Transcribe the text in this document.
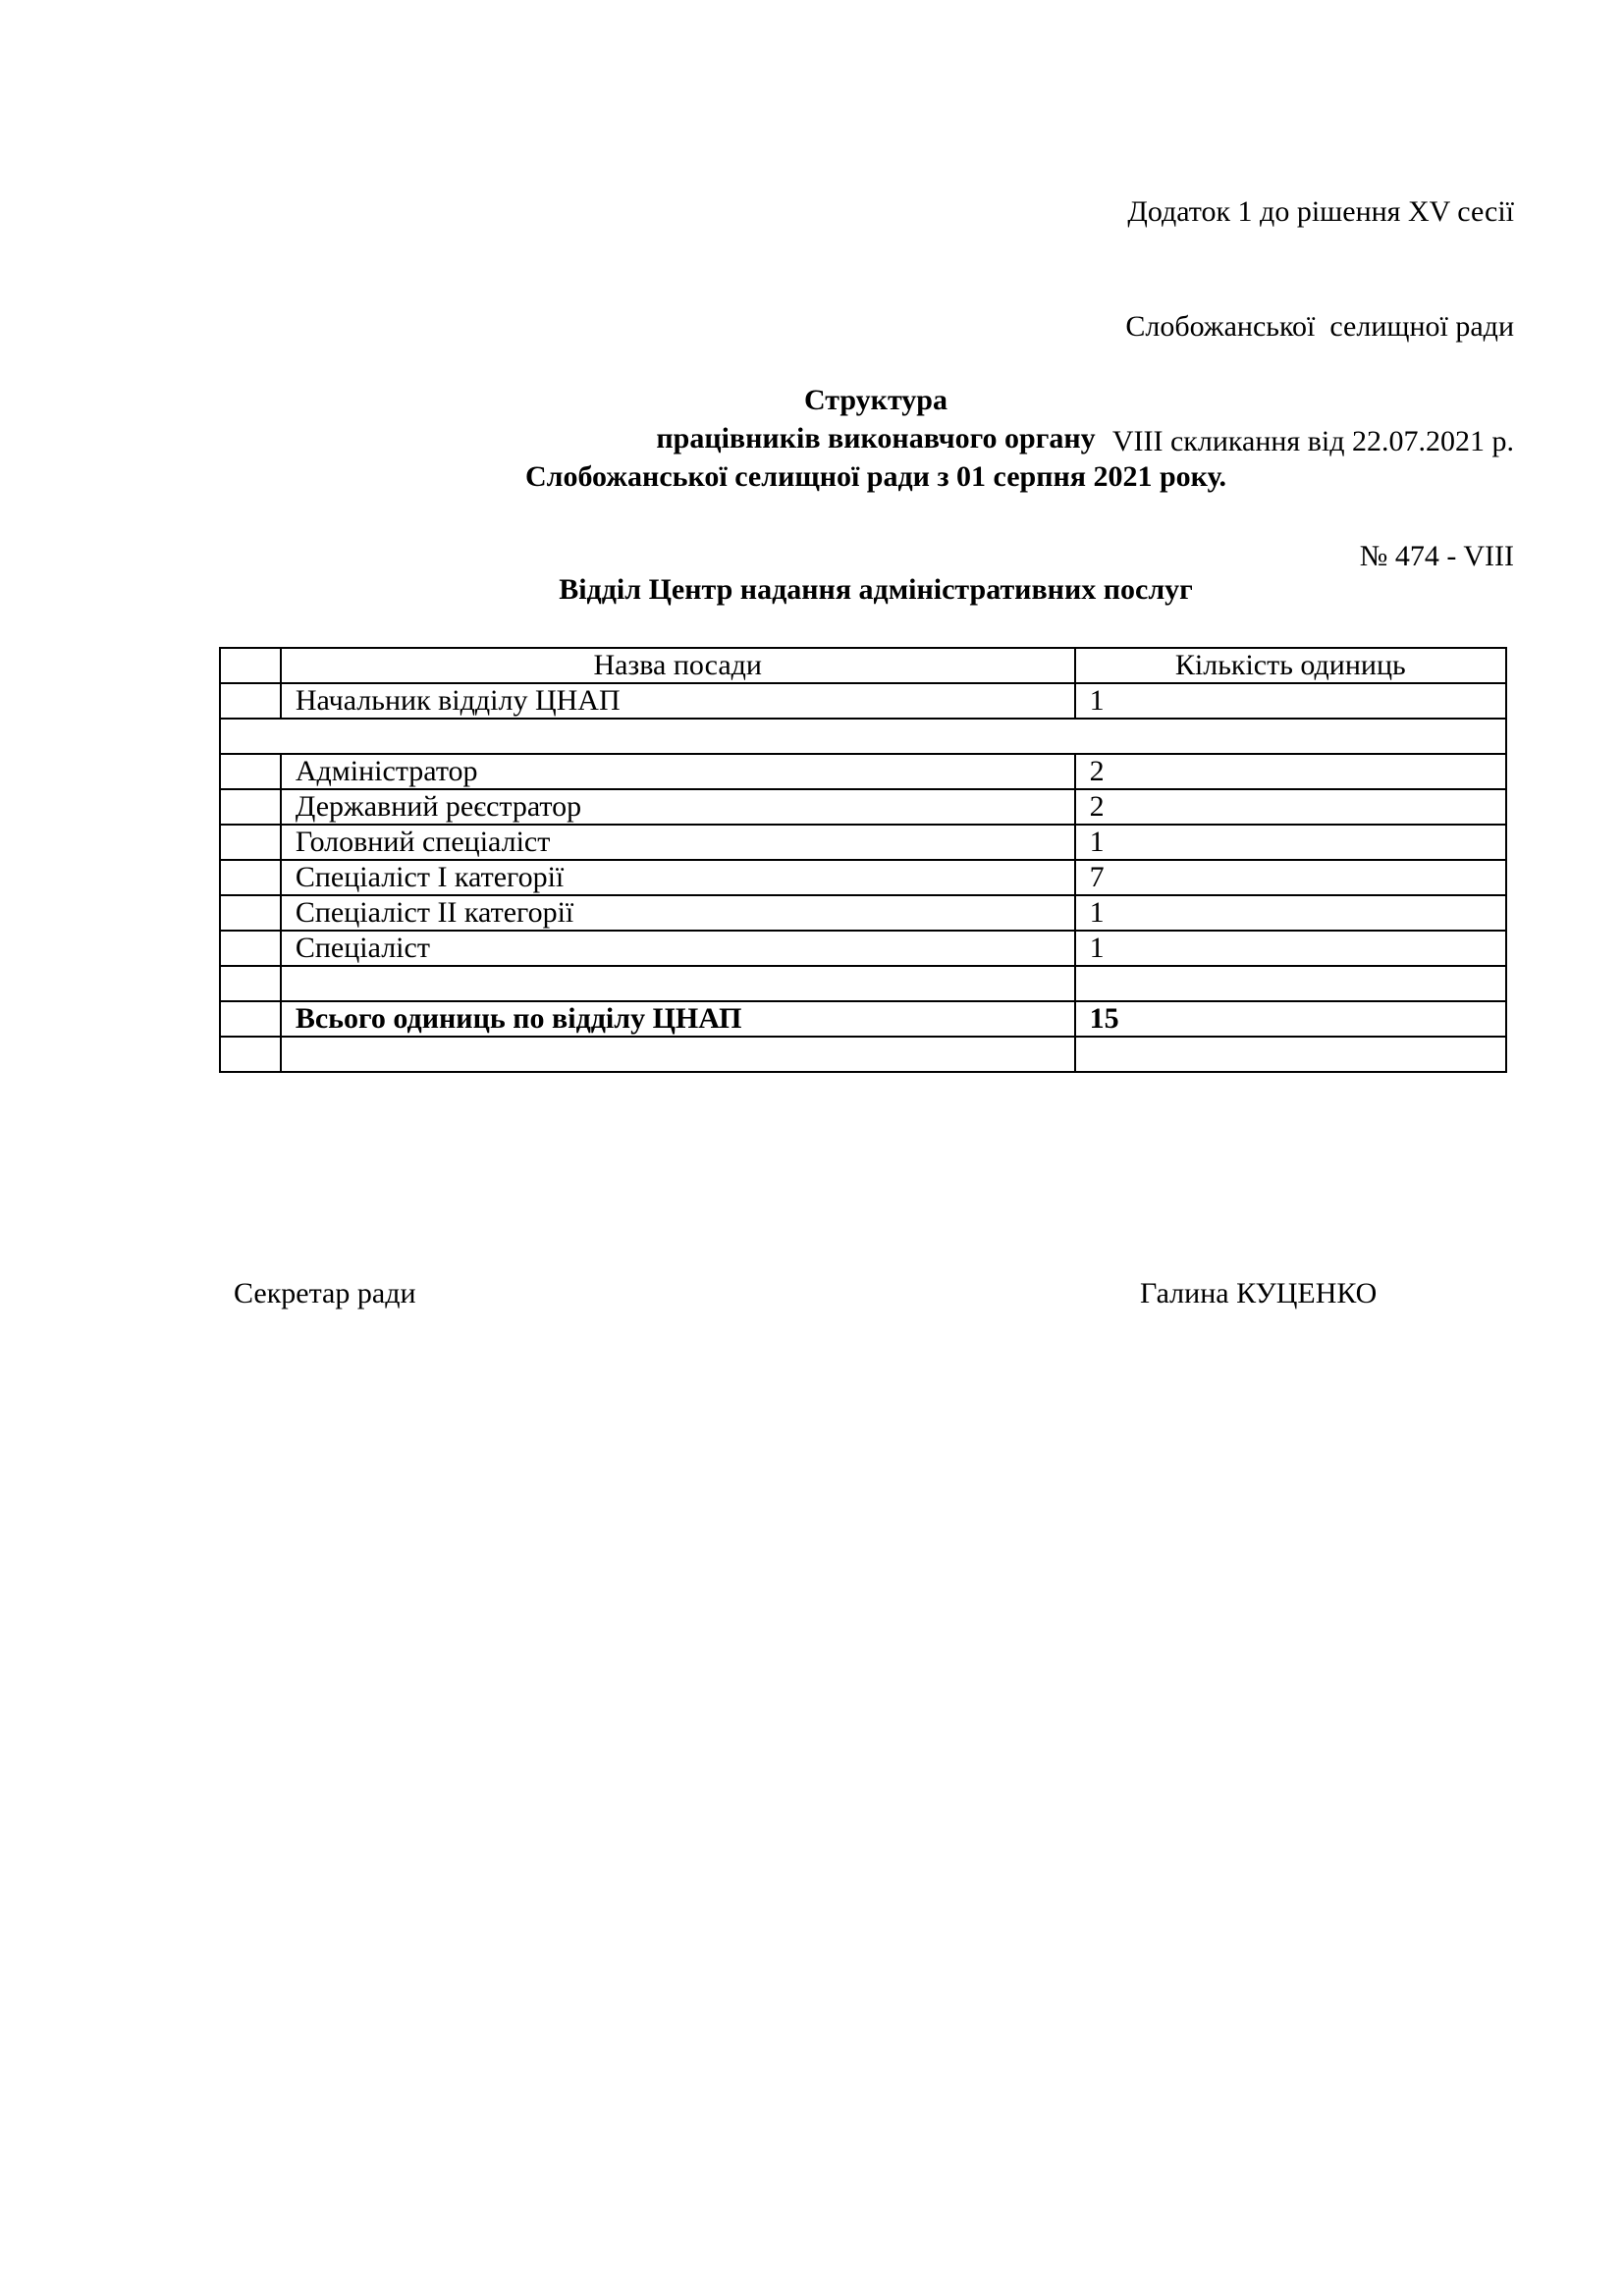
Додаток 1 до рішення XV сесії

Слобожанської  селищної ради

VIII скликання від 22.07.2021 р.

№ 474 - VIII

Структура
працівників виконавчого органу
Слобожанської селищної ради з 01 серпня 2021 року.
Відділ Центр надання адміністративних послуг
	Назва посади	Кількість одиниць
	Начальник відділу ЦНАП	1

	Адміністратор	2
	Державний реєстратор	2
	Головний спеціаліст	1
	Спеціаліст І категорії	7
	Спеціаліст ІІ категорії	1
	Спеціаліст	1

	Всього одиниць по відділу ЦНАП	15

Секретар ради	Галина КУЦЕНКО
